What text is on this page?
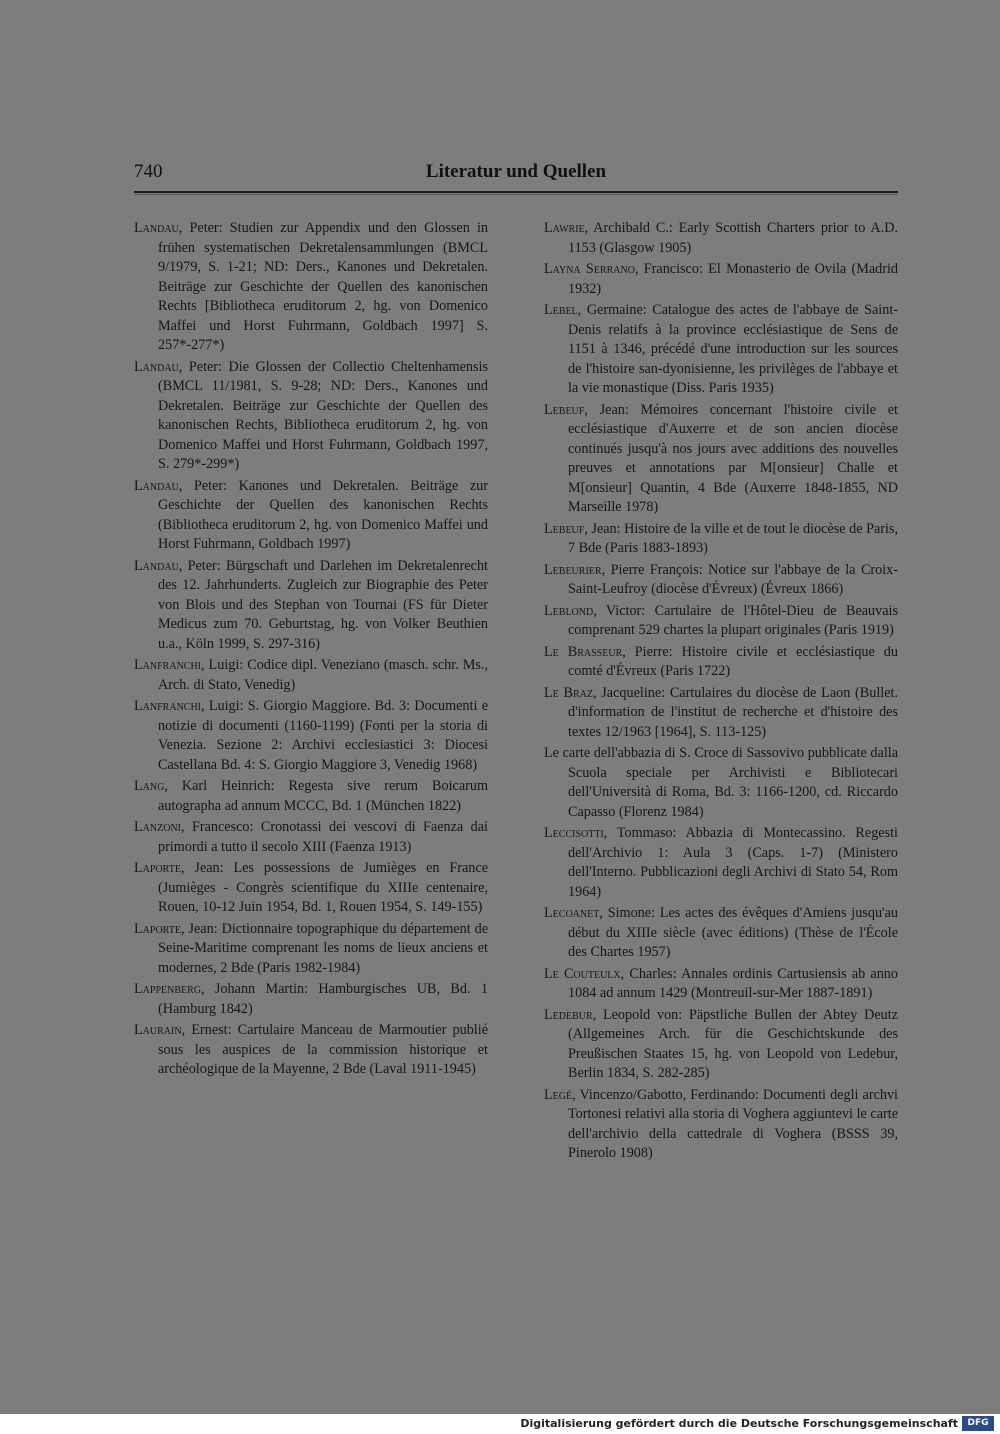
Literatur und Quellen
740

Landau, Peter: Studien zur Appendix und den Glossen in frühen systematischen Dekretalensammlungen (BMCL 9/1979, S. 1-21; ND: Ders., Kanones und Dekretalen. Beiträge zur Geschichte der Quellen des kanonischen Rechts [Bibliotheca eruditorum 2, hg. von Domenico Maffei und Horst Fuhrmann, Goldbach 1997] S. 257*-277*)

Landau, Peter: Die Glossen der Collectio Cheltenhamensis (BMCL 11/1981, S. 9-28; ND: Ders., Kanones und Dekretalen. Beiträge zur Geschichte der Quellen des kanonischen Rechts, Bibliotheca eruditorum 2, hg. von Domenico Maffei und Horst Fuhrmann, Goldbach 1997, S. 279*-299*)

Landau, Peter: Kanones und Dekretalen. Beiträge zur Geschichte der Quellen des kanonischen Rechts (Bibliotheca eruditorum 2, hg. von Domenico Maffei und Horst Fuhrmann, Goldbach 1997)

Landau, Peter: Bürgschaft und Darlehen im Dekretalenrecht des 12. Jahrhunderts. Zugleich zur Biographie des Peter von Blois und des Stephan von Tournai (FS für Dieter Medicus zum 70. Geburtstag, hg. von Volker Beuthien u.a., Köln 1999, S. 297-316)

Lanfranchi, Luigi: Codice dipl. Veneziano (masch. schr. Ms., Arch. di Stato, Venedig)

Lanfranchi, Luigi: S. Giorgio Maggiore. Bd. 3: Documenti e notizie di documenti (1160-1199) (Fonti per la storia di Venezia. Sezione 2: Archivi ecclesiastici 3: Diocesi Castellana Bd. 4: S. Giorgio Maggiore 3, Venedig 1968)

Lang, Karl Heinrich: Regesta sive rerum Boicarum autographa ad annum MCCC, Bd. 1 (München 1822)

Lanzoni, Francesco: Cronotassi dei vescovi di Faenza dai primordi a tutto il secolo XIII (Faenza 1913)

Laporte, Jean: Les possessions de Jumièges en France (Jumièges - Congrès scientifique du XIIIe centenaire, Rouen, 10-12 Juin 1954, Bd. 1, Rouen 1954, S. 149-155)

Laporte, Jean: Dictionnaire topographique du département de Seine-Maritime comprenant les noms de lieux anciens et modernes, 2 Bde (Paris 1982-1984)

Lappenberg, Johann Martin: Hamburgisches UB, Bd. 1 (Hamburg 1842)

Laurain, Ernest: Cartulaire Manceau de Marmoutier publié sous les auspices de la commission historique et archéologique de la Mayenne, 2 Bde (Laval 1911-1945)

Lawrie, Archibald C.: Early Scottish Charters prior to A.D. 1153 (Glasgow 1905)

Layna Serrano, Francisco: El Monasterio de Ovila (Madrid 1932)

Lebel, Germaine: Catalogue des actes de l'abbaye de Saint-Denis relatifs à la province ecclésiastique de Sens de 1151 à 1346, précédé d'une introduction sur les sources de l'histoire san-dyonisienne, les privilèges de l'abbaye et la vie monastique (Diss. Paris 1935)

Lebeuf, Jean: Mémoires concernant l'histoire civile et ecclésiastique d'Auxerre et de son ancien diocèse continués jusqu'à nos jours avec additions des nouvelles preuves et annotations par M[onsieur] Challe et M[onsieur] Quantin, 4 Bde (Auxerre 1848-1855, ND Marseille 1978)

Lebeuf, Jean: Histoire de la ville et de tout le diocèse de Paris, 7 Bde (Paris 1883-1893)

Lebeurier, Pierre François: Notice sur l'abbaye de la Croix-Saint-Leufroy (diocèse d'Évreux) (Évreux 1866)

Leblond, Victor: Cartulaire de l'Hôtel-Dieu de Beauvais comprenant 529 chartes la plupart originales (Paris 1919)

Le Brasseur, Pierre: Histoire civile et ecclésiastique du comté d'Évreux (Paris 1722)

Le Braz, Jacqueline: Cartulaires du diocèse de Laon (Bullet. d'information de l'institut de recherche et d'histoire des textes 12/1963 [1964], S. 113-125)

Le carte dell'abbazia di S. Croce di Sassovivo pubblicate dalla Scuola speciale per Archivisti e Bibliotecari dell'Università di Roma, Bd. 3: 1166-1200, cd. Riccardo Capasso (Florenz 1984)

Leccisotti, Tommaso: Abbazia di Montecassino. Regesti dell'Archivio 1: Aula 3 (Caps. 1-7) (Ministero dell'Interno. Pubblicazioni degli Archivi di Stato 54, Rom 1964)

Lecoanet, Simone: Les actes des évêques d'Amiens jusqu'au début du XIIIe siècle (avec éditions) (Thèse de l'École des Chartes 1957)

Le Couteulx, Charles: Annales ordinis Cartusiensis ab anno 1084 ad annum 1429 (Montreuil-sur-Mer 1887-1891)

Ledebur, Leopold von: Päpstliche Bullen der Abtey Deutz (Allgemeines Arch. für die Geschichtskunde des Preußischen Staates 15, hg. von Leopold von Ledebur, Berlin 1834, S. 282-285)

Legé, Vincenzo/Gabotto, Ferdinando: Documenti degli archvi Tortonesi relativi alla storia di Voghera aggiuntevi le carte dell'archivio della cattedrale di Voghera (BSSS 39, Pinerolo 1908)

Digitalisierung gefördert durch die Deutsche Forschungsgemeinschaft	DFG
